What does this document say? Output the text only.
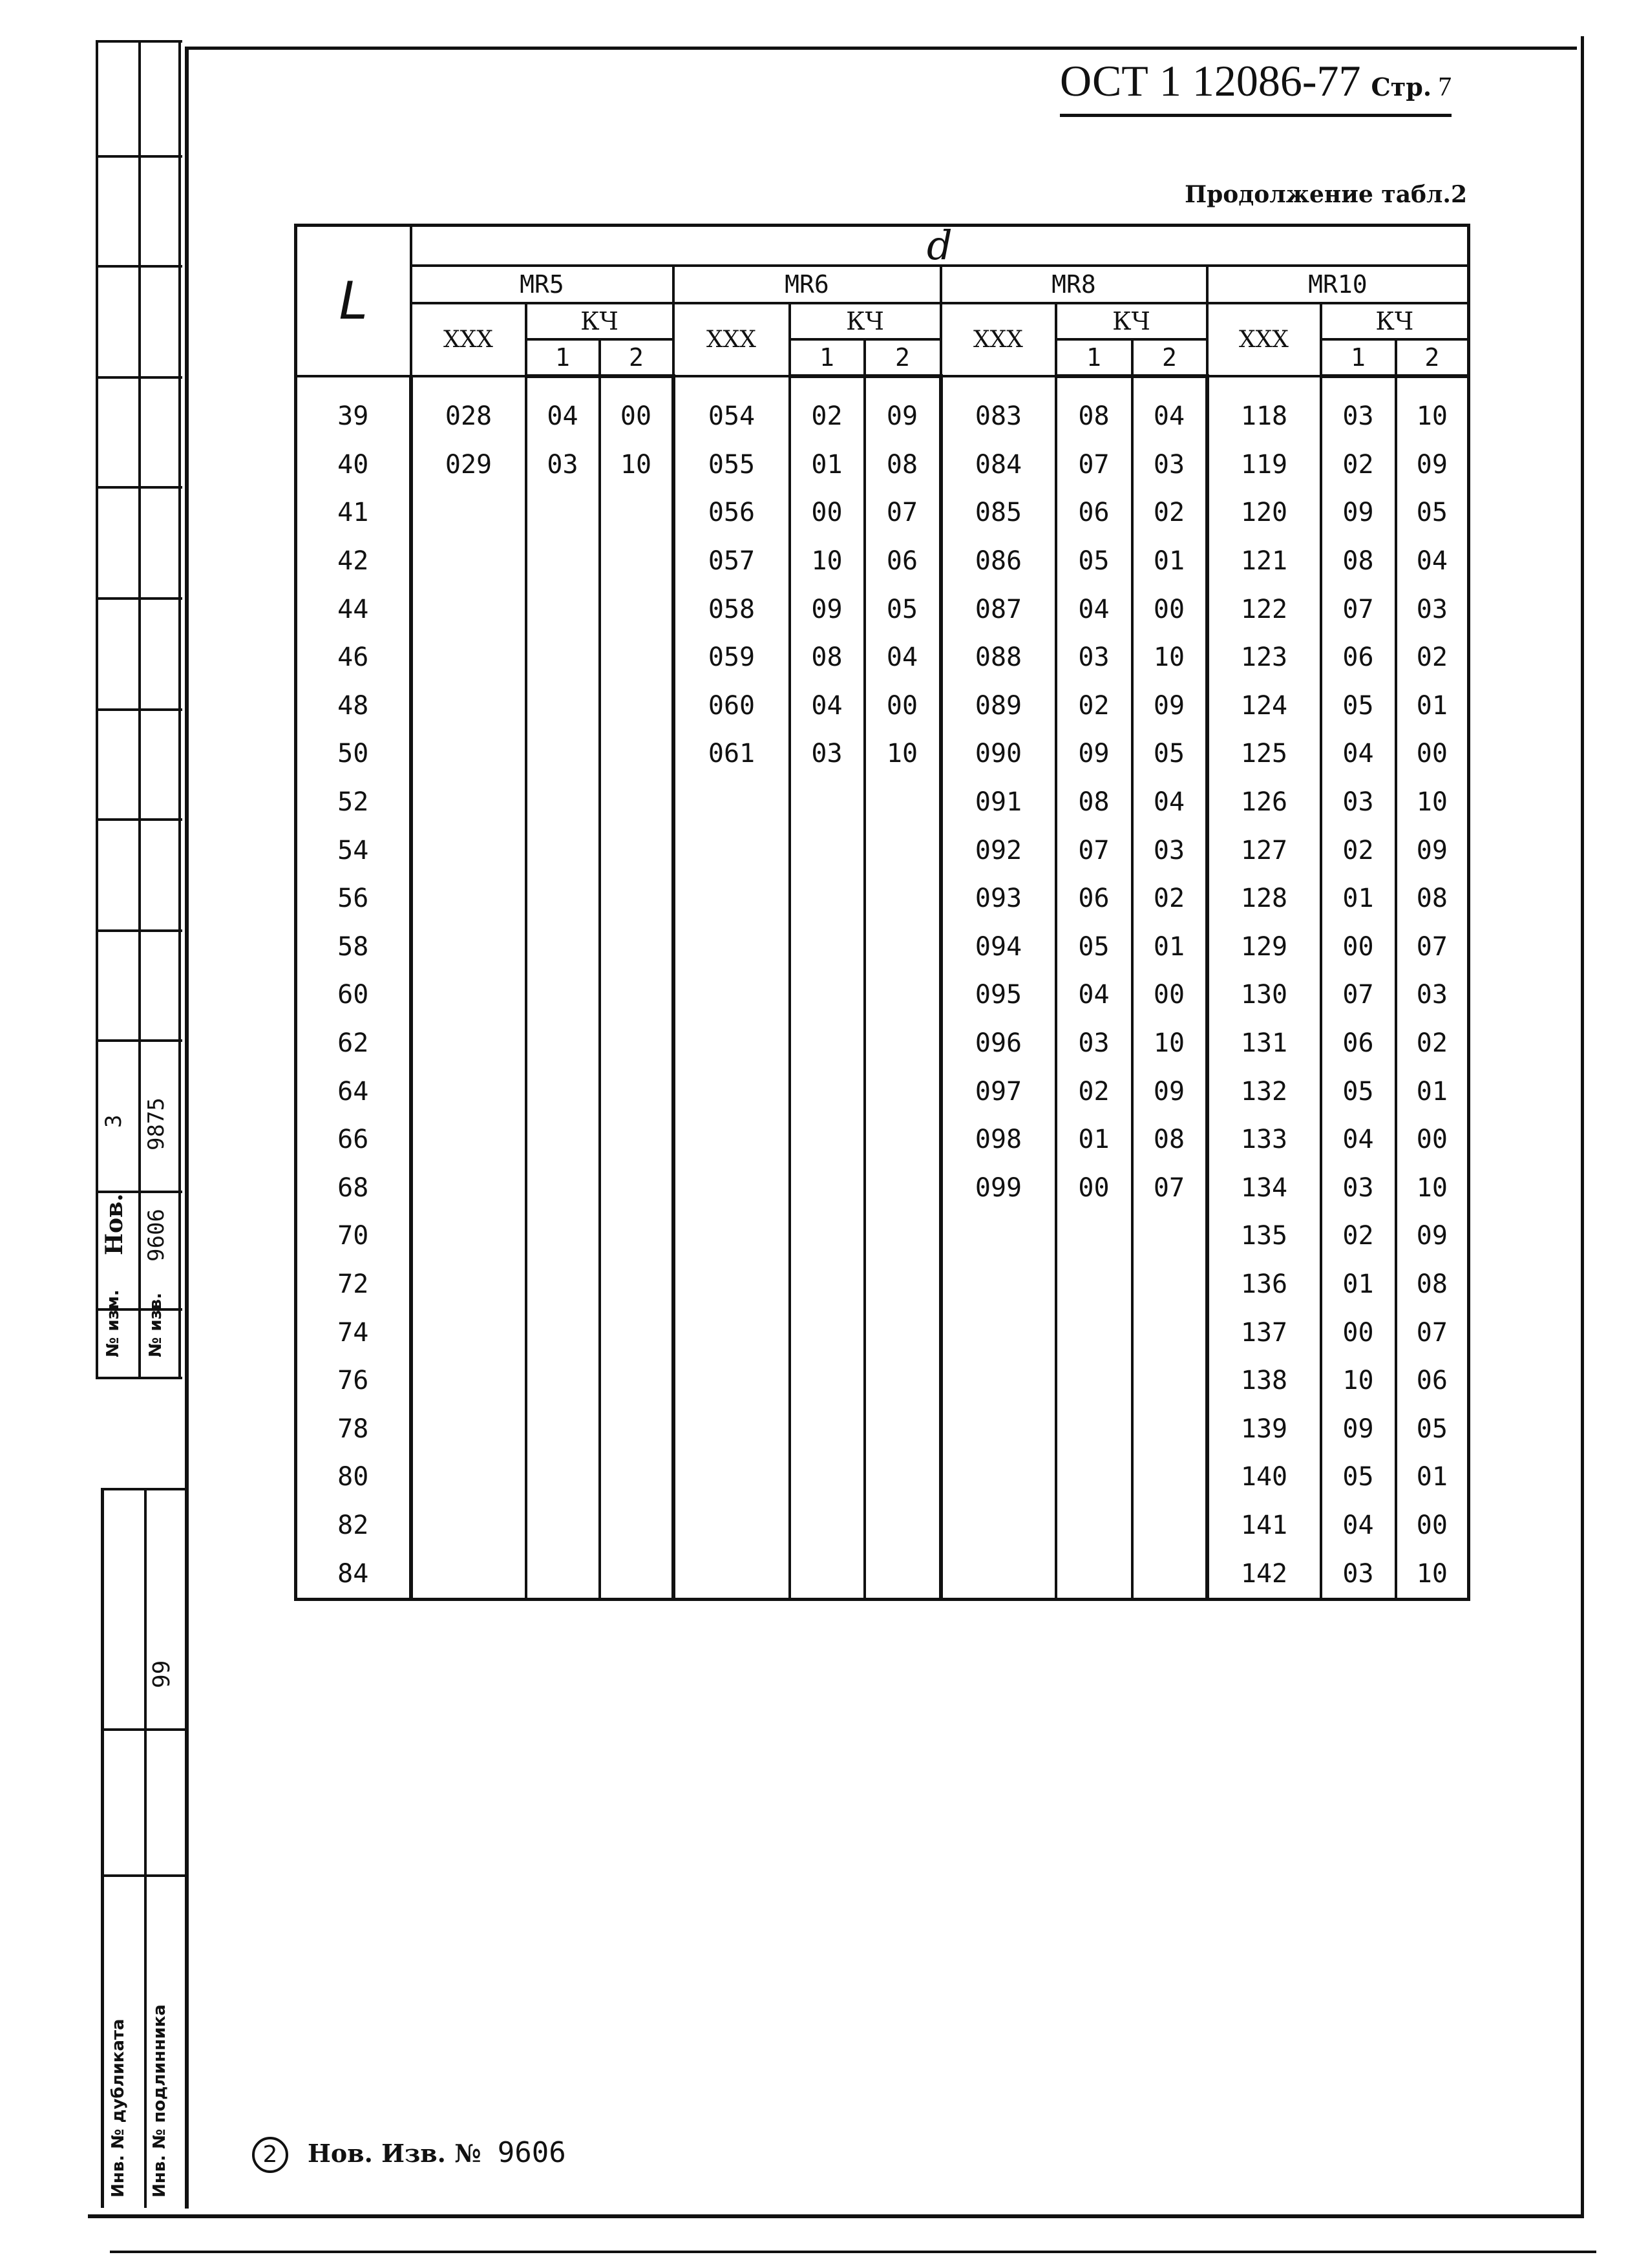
3 9875
Нов. 9606
№ изм. № изв.
99
Инв. № дубликата Инв. № подлинника
ОСТ 1 12086-77 Стр. 7
Продолжение табл.2
L	d											
	MR5			MR6			MR8			MR10		
	XXX	КЧ		XXX	КЧ		XXX	КЧ		XXX	КЧ	
		1	2		1	2		1	2		1	2
39	028	04	00	054	02	09	083	08	04	118	03	10
40	029	03	10	055	01	08	084	07	03	119	02	09
41				056	00	07	085	06	02	120	09	05
42				057	10	06	086	05	01	121	08	04
44				058	09	05	087	04	00	122	07	03
46				059	08	04	088	03	10	123	06	02
48				060	04	00	089	02	09	124	05	01
50				061	03	10	090	09	05	125	04	00
52							091	08	04	126	03	10
54							092	07	03	127	02	09
56							093	06	02	128	01	08
58							094	05	01	129	00	07
60							095	04	00	130	07	03
62							096	03	10	131	06	02
64							097	02	09	132	05	01
66							098	01	08	133	04	00
68							099	00	07	134	03	10
70										135	02	09
72										136	01	08
74										137	00	07
76										138	10	06
78										139	09	05
80										140	05	01
82										141	04	00
84										142	03	10
2 Нов. Изв. № 9606
